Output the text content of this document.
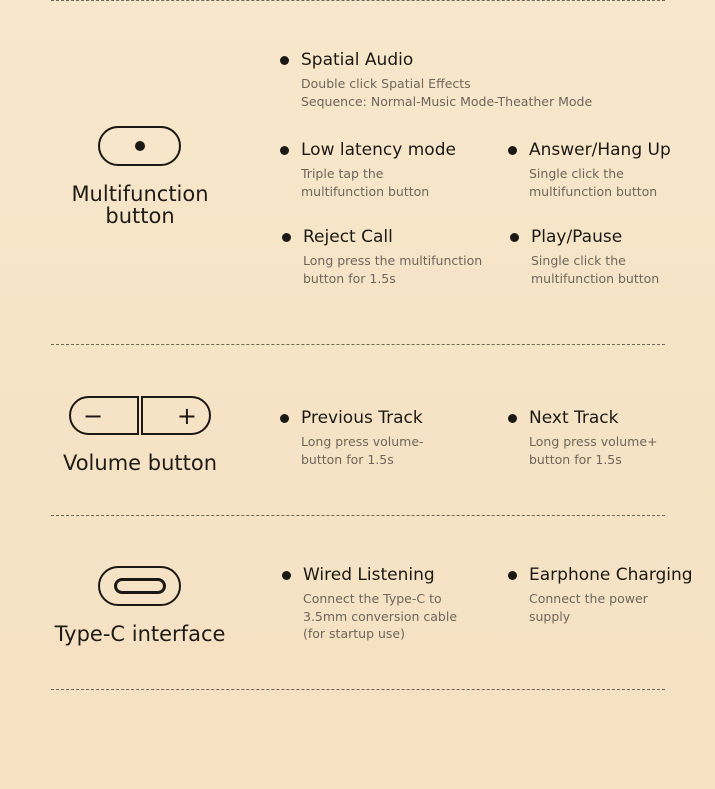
Multifunction
button
Spatial Audio
Double click Spatial Effects
Sequence: Normal-Music Mode-Theather Mode
Low latency mode
Triple tap the
multifunction button
Answer/Hang Up
Single click the
multifunction button
Reject Call
Long press the multifunction
button for 1.5s
Play/Pause
Single click the
multifunction button
−	+
Volume button
Previous Track
Long press volume-
button for 1.5s
Next Track
Long press volume+
button for 1.5s
Type-C interface
Wired Listening
Connect the Type-C to
3.5mm conversion cable
(for startup use)
Earphone Charging
Connect the power
supply
